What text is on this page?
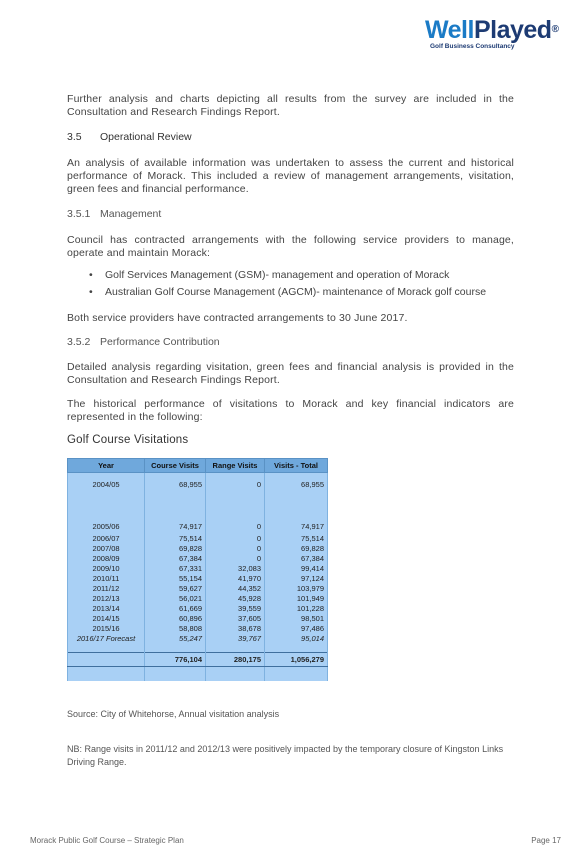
WellPlayed®
Golf Business Consultancy

Further analysis and charts depicting all results from the survey are included in the Consultation and Research Findings Report.

3.5 Operational Review

An analysis of available information was undertaken to assess the current and historical performance of Morack. This included a review of management arrangements, visitation, green fees and financial performance.

3.5.1 Management

Council has contracted arrangements with the following service providers to manage, operate and maintain Morack:

• Golf Services Management (GSM)- management and operation of Morack
• Australian Golf Course Management (AGCM)- maintenance of Morack golf course

Both service providers have contracted arrangements to 30 June 2017.

3.5.2 Performance Contribution

Detailed analysis regarding visitation, green fees and financial analysis is provided in the Consultation and Research Findings Report.

The historical performance of visitations to Morack and key financial indicators are represented in the following:

Golf Course Visitations
Year	Course Visits	Range Visits	Visits - Total
2004/05	68,955	0	68,955
2005/06	74,917	0	74,917
2006/07	75,514	0	75,514
2007/08	69,828	0	69,828
2008/09	67,384	0	67,384
2009/10	67,331	32,083	99,414
2010/11	55,154	41,970	97,124
2011/12	59,627	44,352	103,979
2012/13	56,021	45,928	101,949
2013/14	61,669	39,559	101,228
2014/15	60,896	37,605	98,501
2015/16	58,808	38,678	97,486
2016/17 Forecast	55,247	39,767	95,014

	776,104	280,175	1,056,279

Source: City of Whitehorse, Annual visitation analysis
NB: Range visits in 2011/12 and 2012/13 were positively impacted by the temporary closure of Kingston Links Driving Range.
Morack Public Golf Course – Strategic Plan	Page 17
